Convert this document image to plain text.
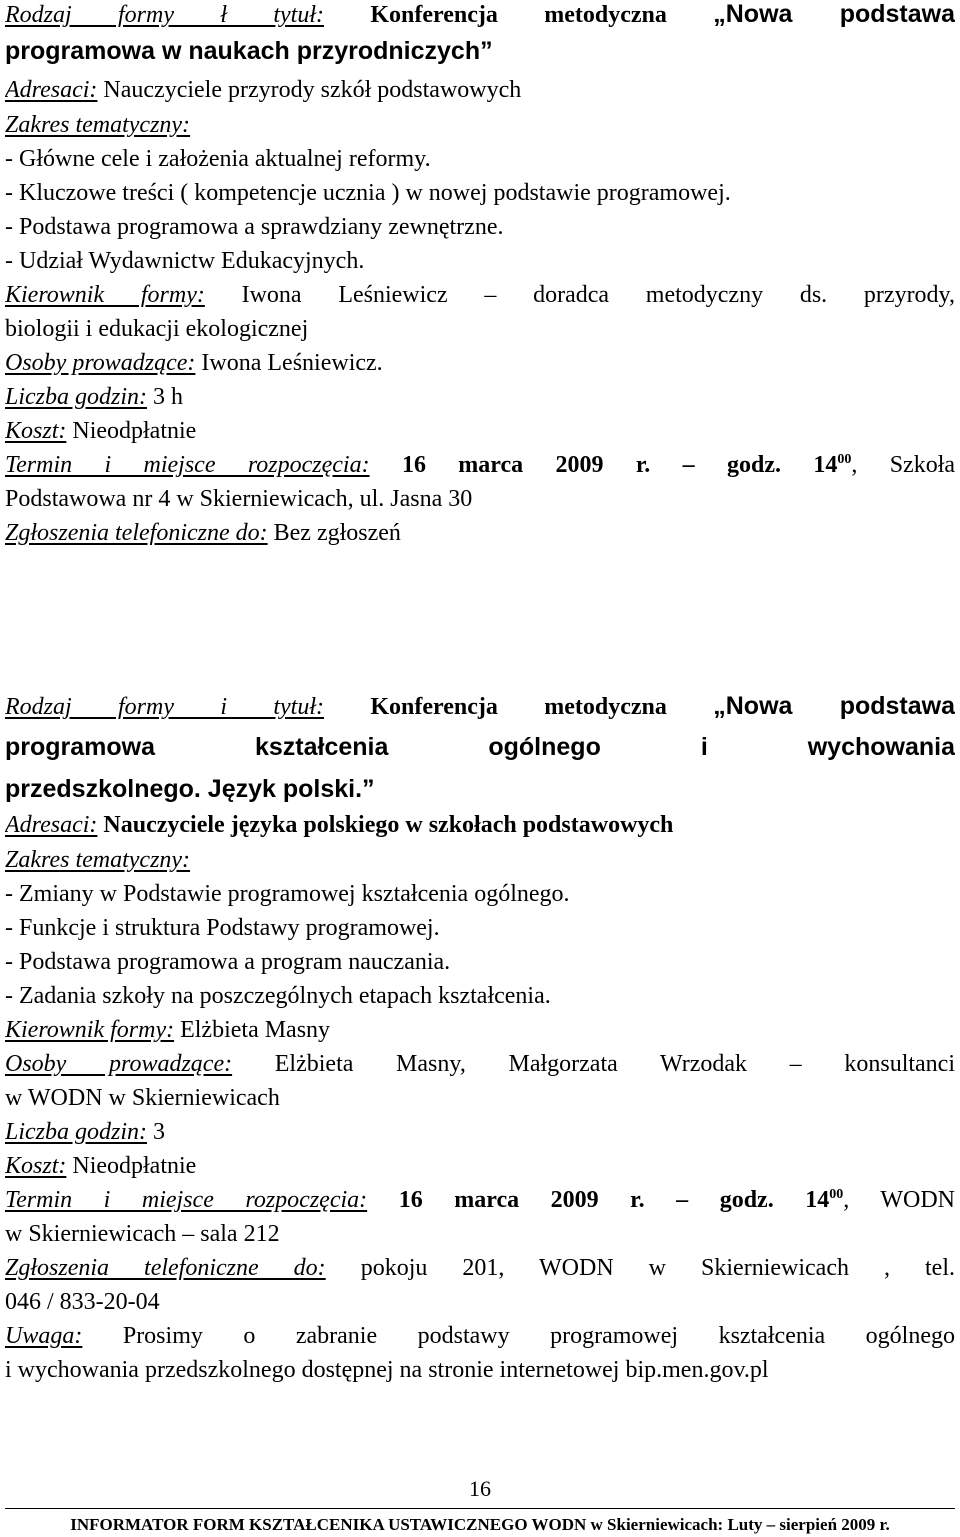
Rodzaj formy ł tytuł: Konferencja metodyczna „Nowa podstawa
programowa w naukach przyrodniczych”
Adresaci: Nauczyciele przyrody szkół podstawowych
Zakres tematyczny:
- Główne cele i założenia aktualnej reformy.
- Kluczowe treści ( kompetencje ucznia ) w nowej podstawie programowej.
- Podstawa programowa a sprawdziany zewnętrzne.
- Udział Wydawnictw Edukacyjnych.
Kierownik formy: Iwona Leśniewicz – doradca metodyczny ds. przyrody,
biologii i edukacji ekologicznej
Osoby prowadzące: Iwona Leśniewicz.
Liczba godzin: 3 h
Koszt: Nieodpłatnie
Termin i miejsce rozpoczęcia: 16 marca 2009 r. – godz. $14^{00}$, Szkoła
Podstawowa nr 4 w Skierniewicach, ul. Jasna 30
Zgłoszenia telefoniczne do: Bez zgłoszeń
Rodzaj formy i tytuł: Konferencja metodyczna „Nowa podstawa
programowa kształcenia ogólnego i wychowania
przedszkolnego. Język polski.”
Adresaci: Nauczyciele języka polskiego w szkołach podstawowych
Zakres tematyczny:
- Zmiany w Podstawie programowej kształcenia ogólnego.
- Funkcje i struktura Podstawy programowej.
- Podstawa programowa a program nauczania.
- Zadania szkoły na poszczególnych etapach kształcenia.
Kierownik formy: Elżbieta Masny
Osoby prowadzące: Elżbieta Masny, Małgorzata Wrzodak – konsultanci
w WODN w Skierniewicach
Liczba godzin: 3
Koszt: Nieodpłatnie
Termin i miejsce rozpoczęcia: 16 marca 2009 r. – godz. $14^{00}$, WODN
w Skierniewicach – sala 212
Zgłoszenia telefoniczne do: pokoju 201, WODN w Skierniewicach , tel.
046 / 833-20-04
Uwaga: Prosimy o zabranie podstawy programowej kształcenia ogólnego
i wychowania przedszkolnego dostępnej na stronie internetowej bip.men.gov.pl
16
INFORMATOR FORM KSZTAŁCENIKA USTAWICZNEGO WODN w Skierniewicach: Luty – sierpień 2009 r.
